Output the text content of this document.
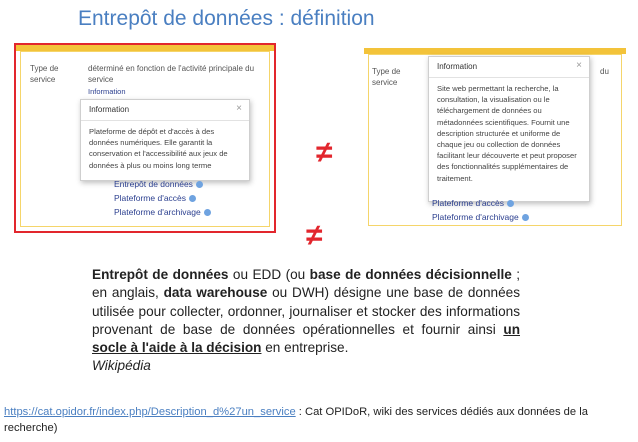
Entrepôt de données : définition
Type de service
déterminé en fonction de l'activité principale du service
Information
Information	×
Plateforme de dépôt et d'accès à des données numériques. Elle garantit la conservation et l'accessibilité aux jeux de données à plus ou moins long terme
Entrepôt de données
Plateforme d'accès
Plateforme d'archivage
Type de service
du
Information	×
Site web permettant la recherche, la consultation, la visualisation ou le téléchargement de données ou métadonnées scientifiques. Fournit une description structurée et uniforme de chaque jeu ou collection de données facilitant leur découverte et peut proposer des fonctionnalités supplémentaires de traitement.
Plateforme d'accès
Plateforme d'archivage
≠
≠
Entrepôt de données ou EDD (ou base de données décisionnelle ; en anglais, data warehouse ou DWH) désigne une base de données utilisée pour collecter, ordonner, journaliser et stocker des informations provenant de base de données opérationnelles et fournir ainsi un socle à l'aide à la décision en entreprise.
Wikipédia
https://cat.opidor.fr/index.php/Description_d%27un_service : Cat OPIDoR, wiki des services dédiés aux données de la recherche)
